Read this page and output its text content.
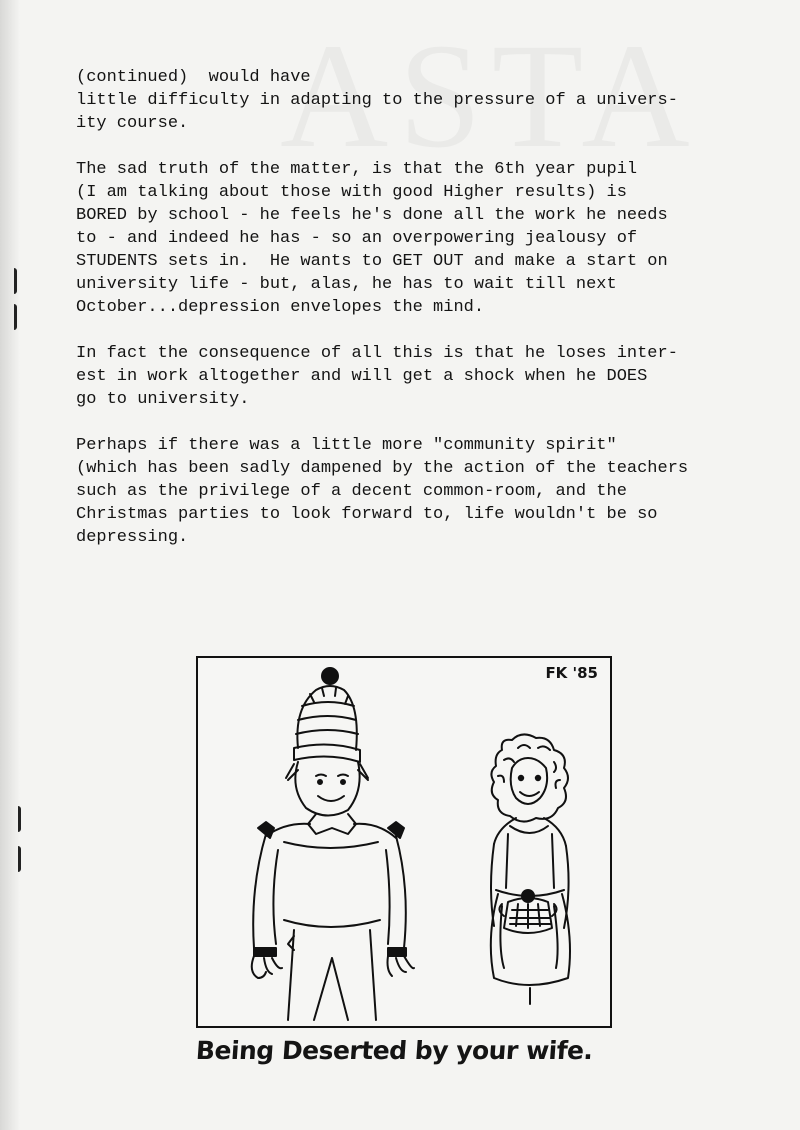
(continued)  would have
little difficulty in adapting to the pressure of a univers-
ity course.

The sad truth of the matter, is that the 6th year pupil
(I am talking about those with good Higher results) is
BORED by school - he feels he's done all the work he needs
to - and indeed he has - so an overpowering jealousy of
STUDENTS sets in.  He wants to GET OUT and make a start on
university life - but, alas, he has to wait till next
October...depression envelopes the mind.

In fact the consequence of all this is that he loses inter-
est in work altogether and will get a shock when he DOES
go to university.

Perhaps if there was a little more "community spirit"
(which has been sadly dampened by the action of the teachers
such as the privilege of a decent common-room, and the
Christmas parties to look forward to, life wouldn't be so
depressing.

FK '85
Being Deserted by your wife.
